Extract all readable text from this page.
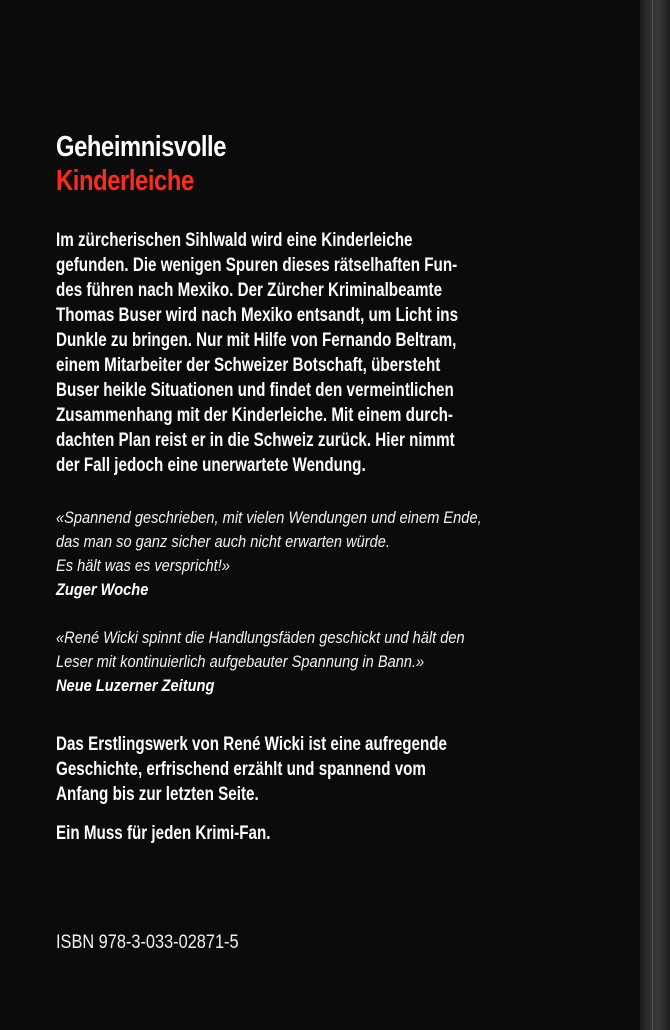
Geheimnisvolle
Kinderleiche
Im zürcherischen Sihlwald wird eine Kinderleiche
gefunden. Die wenigen Spuren dieses rätselhaften Fun-
des führen nach Mexiko. Der Zürcher Kriminalbeamte
Thomas Buser wird nach Mexiko entsandt, um Licht ins
Dunkle zu bringen. Nur mit Hilfe von Fernando Beltram,
einem Mitarbeiter der Schweizer Botschaft, übersteht
Buser heikle Situationen und findet den vermeintlichen
Zusammenhang mit der Kinderleiche. Mit einem durch-
dachten Plan reist er in die Schweiz zurück. Hier nimmt
der Fall jedoch eine unerwartete Wendung.
«Spannend geschrieben, mit vielen Wendungen und einem Ende,
das man so ganz sicher auch nicht erwarten würde.
Es hält was es verspricht!»
Zuger Woche
«René Wicki spinnt die Handlungsfäden geschickt und hält den
Leser mit kontinuierlich aufgebauter Spannung in Bann.»
Neue Luzerner Zeitung
Das Erstlingswerk von René Wicki ist eine aufregende
Geschichte, erfrischend erzählt und spannend vom
Anfang bis zur letzten Seite.
Ein Muss für jeden Krimi-Fan.
ISBN 978-3-033-02871-5
